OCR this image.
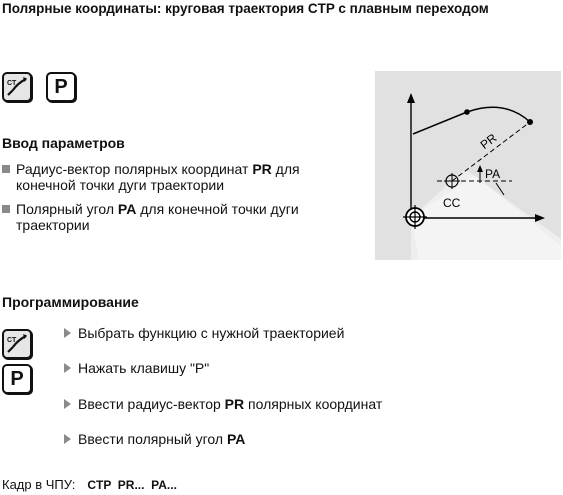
Полярные координаты: круговая траектория CTP с плавным переходом
CT P
Ввод параметров
Радиус-вектор полярных координат PR для конечной точки дуги траектории
Полярный угол PA для конечной точки дуги траектории
PR
PA
CC
Программирование
CT
P
Выбрать функцию с нужной траекторией
Нажать клавишу "P"
Ввести радиус-вектор PR полярных координат
Ввести полярный угол PA
Кадр в ЧПУ: CTP  PR...  PA...
